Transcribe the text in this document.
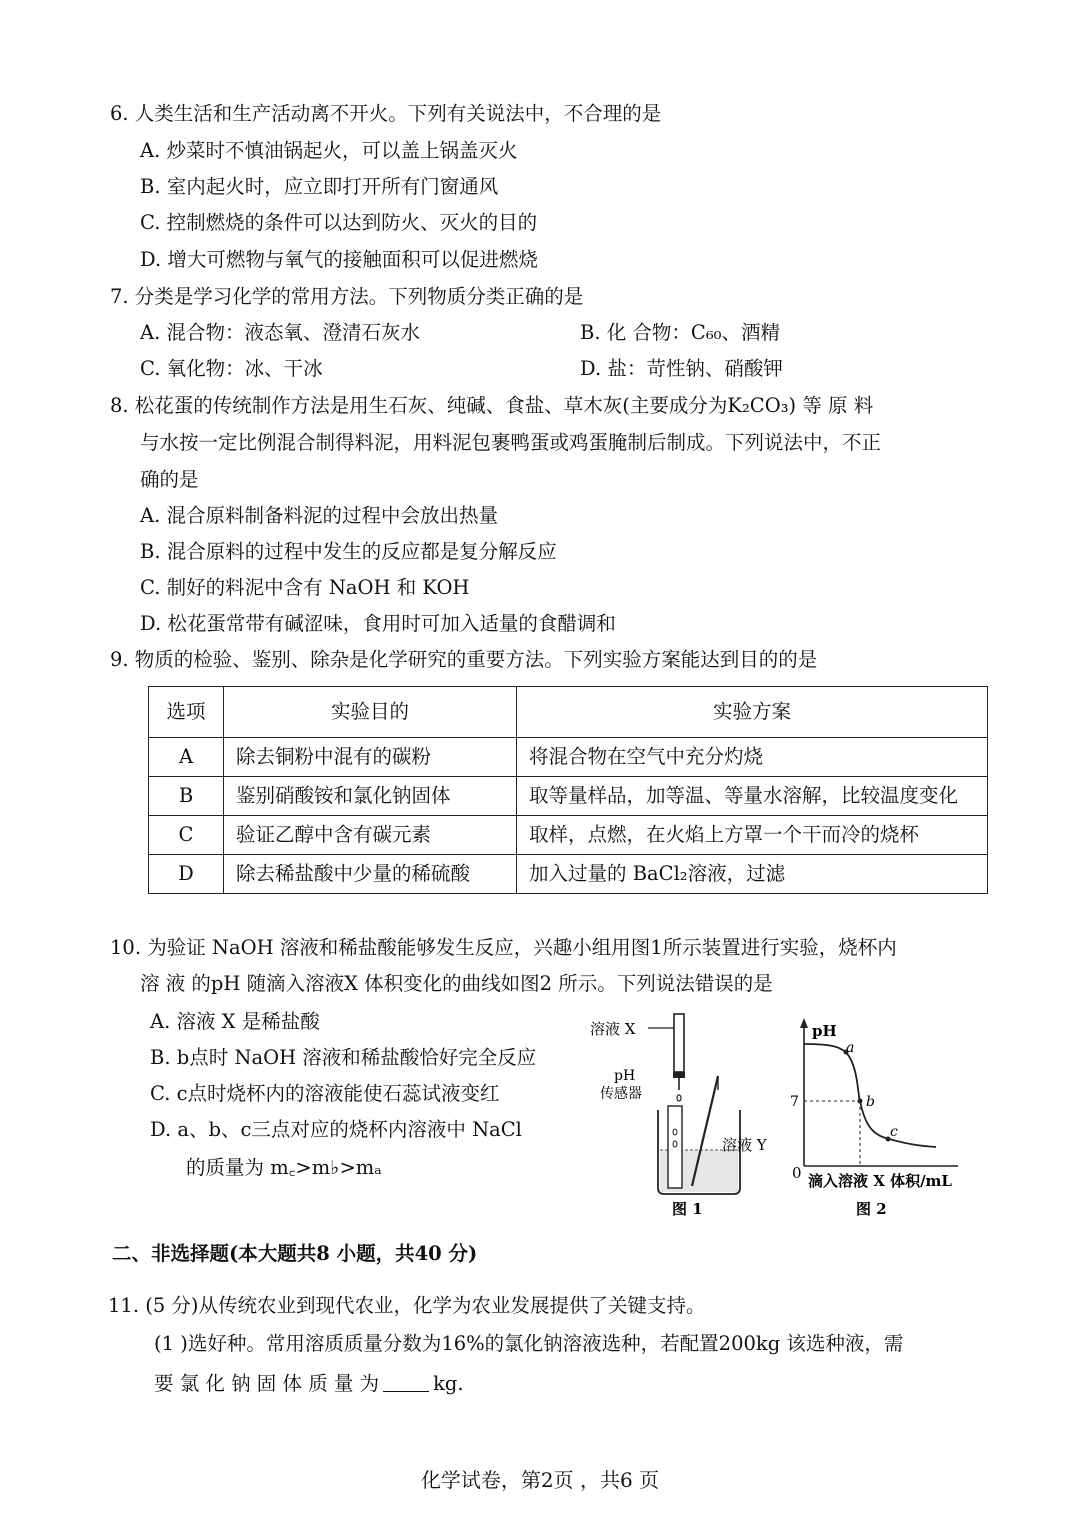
6. 人类生活和生产活动离不开火。下列有关说法中，不合理的是
A. 炒菜时不慎油锅起火，可以盖上锅盖灭火
B. 室内起火时，应立即打开所有门窗通风
C. 控制燃烧的条件可以达到防火、灭火的目的
D. 增大可燃物与氧气的接触面积可以促进燃烧
7. 分类是学习化学的常用方法。下列物质分类正确的是
A. 混合物：液态氧、澄清石灰水	B. 化 合物：C₆₀、酒精
C. 氧化物：冰、干冰	D. 盐：苛性钠、硝酸钾
8. 松花蛋的传统制作方法是用生石灰、纯碱、食盐、草木灰(主要成分为K₂CO₃) 等 原 料
与水按一定比例混合制得料泥，用料泥包裹鸭蛋或鸡蛋腌制后制成。下列说法中，不正
确的是
A. 混合原料制备料泥的过程中会放出热量
B. 混合原料的过程中发生的反应都是复分解反应
C. 制好的料泥中含有 NaOH 和 KOH
D. 松花蛋常带有碱涩味，食用时可加入适量的食醋调和
9. 物质的检验、鉴别、除杂是化学研究的重要方法。下列实验方案能达到目的的是
选项	实验目的	实验方案
A	除去铜粉中混有的碳粉	将混合物在空气中充分灼烧
B	鉴别硝酸铵和氯化钠固体	取等量样品，加等温、等量水溶解，比较温度变化
C	验证乙醇中含有碳元素	取样，点燃，在火焰上方罩一个干而冷的烧杯
D	除去稀盐酸中少量的稀硫酸	加入过量的 BaCl₂溶液，过滤
10. 为验证 NaOH 溶液和稀盐酸能够发生反应，兴趣小组用图1所示装置进行实验，烧杯内
溶 液 的pH 随滴入溶液X 体积变化的曲线如图2 所示。下列说法错误的是
A. 溶液 X 是稀盐酸
B. b点时 NaOH 溶液和稀盐酸恰好完全反应
C. c点时烧杯内的溶液能使石蕊试液变红
D. a、b、c三点对应的烧杯内溶液中 NaCl
的质量为 m꜀>m♭>mₐ
溶液 X
pH
传感器
溶液 Y
图 1
pH
7
0
a
b
c
滴入溶液 X 体积/mL
图 2
二、非选择题(本大题共8 小题，共40 分)
11. (5 分)从传统农业到现代农业，化学为农业发展提供了关键支持。
(1 )选好种。常用溶质质量分数为16%的氯化钠溶液选种，若配置200kg 该选种液，需
要 氯 化 钠 固 体 质 量 为	kg.
化学试卷，第2页 ，共6 页
